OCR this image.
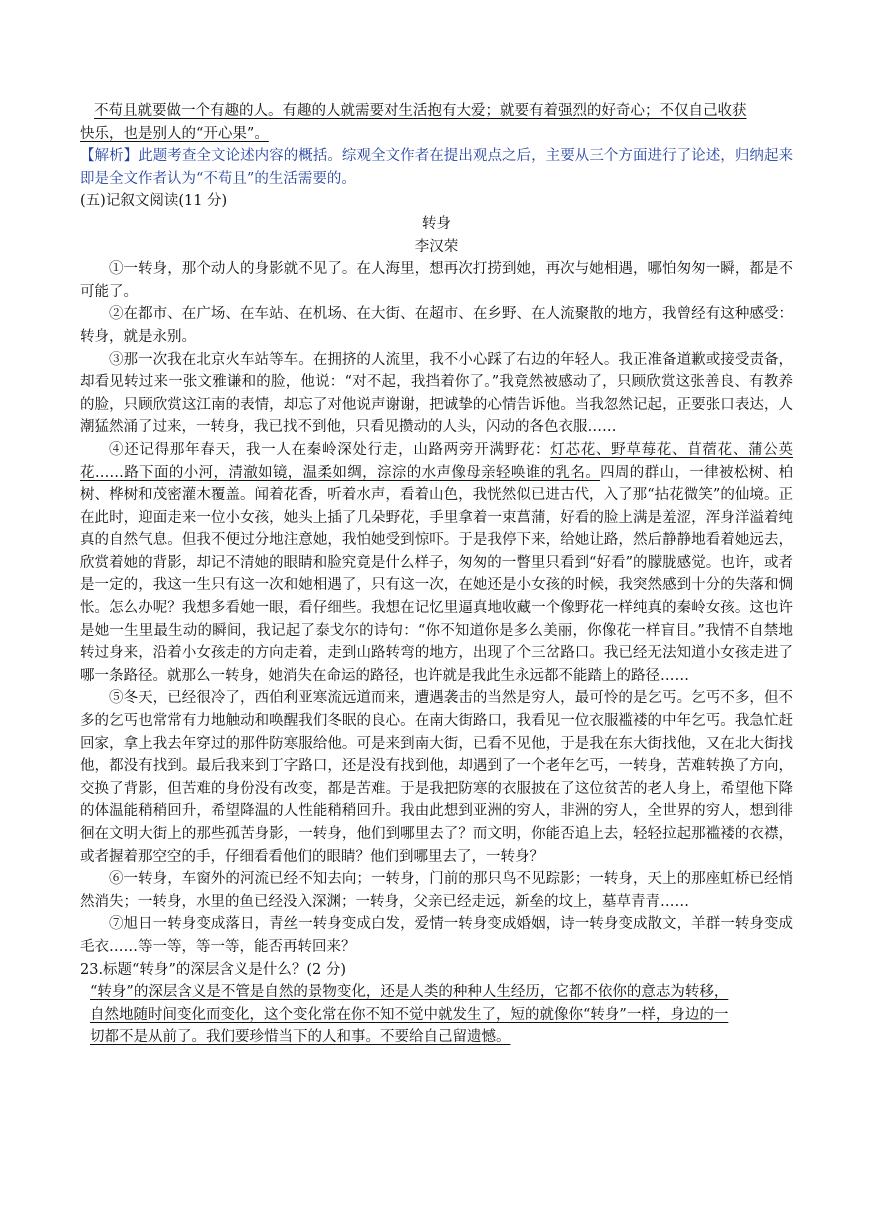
不苟且就要做一个有趣的人。有趣的人就需要对生活抱有大爱；就要有着强烈的好奇心；不仅自己收获
快乐，也是别人的“开心果”。

【解析】此题考查全文论述内容的概括。综观全文作者在提出观点之后，主要从三个方面进行了论述，归纳起来即是全文作者认为“不苟且”的生活需要的。

(五)记叙文阅读(11 分)

转身

李汉荣

①一转身，那个动人的身影就不见了。在人海里，想再次打捞到她，再次与她相遇，哪怕匆匆一瞬，都是不可能了。

②在都市、在广场、在车站、在机场、在大街、在超市、在乡野、在人流聚散的地方，我曾经有这种感受：转身，就是永别。

③那一次我在北京火车站等车。在拥挤的人流里，我不小心踩了右边的年轻人。我正准备道歉或接受责备，却看见转过来一张文雅谦和的脸，他说：“对不起，我挡着你了。”我竟然被感动了，只顾欣赏这张善良、有教养的脸，只顾欣赏这江南的表情，却忘了对他说声谢谢，把诚挚的心情告诉他。当我忽然记起，正要张口表达，人潮猛然涌了过来，一转身，我已找不到他，只看见攒动的人头，闪动的各色衣服……

④还记得那年春天，我一人在秦岭深处行走，山路两旁开满野花：灯芯花、野草莓花、苜蓿花、蒲公英花……路下面的小河，清澈如镜，温柔如绸，淙淙的水声像母亲轻唤谁的乳名。四周的群山，一律被松树、柏树、桦树和茂密灌木覆盖。闻着花香，听着水声，看着山色，我恍然似已进古代，入了那“拈花微笑”的仙境。正在此时，迎面走来一位小女孩，她头上插了几朵野花，手里拿着一束菖蒲，好看的脸上满是羞涩，浑身洋溢着纯真的自然气息。但我不便过分地注意她，我怕她受到惊吓。于是我停下来，给她让路，然后静静地看着她远去，欣赏着她的背影，却记不清她的眼睛和脸究竟是什么样子，匆匆的一瞥里只看到“好看”的朦胧感觉。也许，或者是一定的，我这一生只有这一次和她相遇了，只有这一次，在她还是小女孩的时候，我突然感到十分的失落和惆怅。怎么办呢？我想多看她一眼，看仔细些。我想在记忆里逼真地收藏一个像野花一样纯真的秦岭女孩。这也许是她一生里最生动的瞬间，我记起了泰戈尔的诗句：“你不知道你是多么美丽，你像花一样盲目。”我情不自禁地转过身来，沿着小女孩走的方向走着，走到山路转弯的地方，出现了个三岔路口。我已经无法知道小女孩走进了哪一条路径。就那么一转身，她消失在命运的路径，也许就是我此生永远都不能踏上的路径……

⑤冬天，已经很冷了，西伯利亚寒流远道而来，遭遇袭击的当然是穷人，最可怜的是乞丐。乞丐不多，但不多的乞丐也常常有力地触动和唤醒我们冬眠的良心。在南大街路口，我看见一位衣服褴褛的中年乞丐。我急忙赶回家，拿上我去年穿过的那件防寒服给他。可是来到南大街，已看不见他，于是我在东大街找他，又在北大街找他，都没有找到。最后我来到丁字路口，还是没有找到他，却遇到了一个老年乞丐，一转身，苦难转换了方向，交换了背影，但苦难的身份没有改变，都是苦难。于是我把防寒的衣服披在了这位贫苦的老人身上，希望他下降的体温能稍稍回升，希望降温的人性能稍稍回升。我由此想到亚洲的穷人，非洲的穷人，全世界的穷人，想到徘徊在文明大街上的那些孤苦身影，一转身，他们到哪里去了？而文明，你能否追上去，轻轻拉起那褴褛的衣襟，或者握着那空空的手，仔细看看他们的眼睛？他们到哪里去了，一转身？

⑥一转身，车窗外的河流已经不知去向；一转身，门前的那只鸟不见踪影；一转身，天上的那座虹桥已经悄然消失；一转身，水里的鱼已经没入深渊；一转身，父亲已经走远，新垒的坟上，墓草青青……

⑦旭日一转身变成落日，青丝一转身变成白发，爱情一转身变成婚姻，诗一转身变成散文，羊群一转身变成毛衣……等一等，等一等，能否再转回来？

23.标题“转身”的深层含义是什么？(2 分)

“转身”的深层含义是不管是自然的景物变化，还是人类的种种人生经历，它都不依你的意志为转移，
自然地随时间变化而变化，这个变化常在你不知不觉中就发生了，短的就像你“转身”一样，身边的一
切都不是从前了。我们要珍惜当下的人和事。不要给自己留遗憾。
